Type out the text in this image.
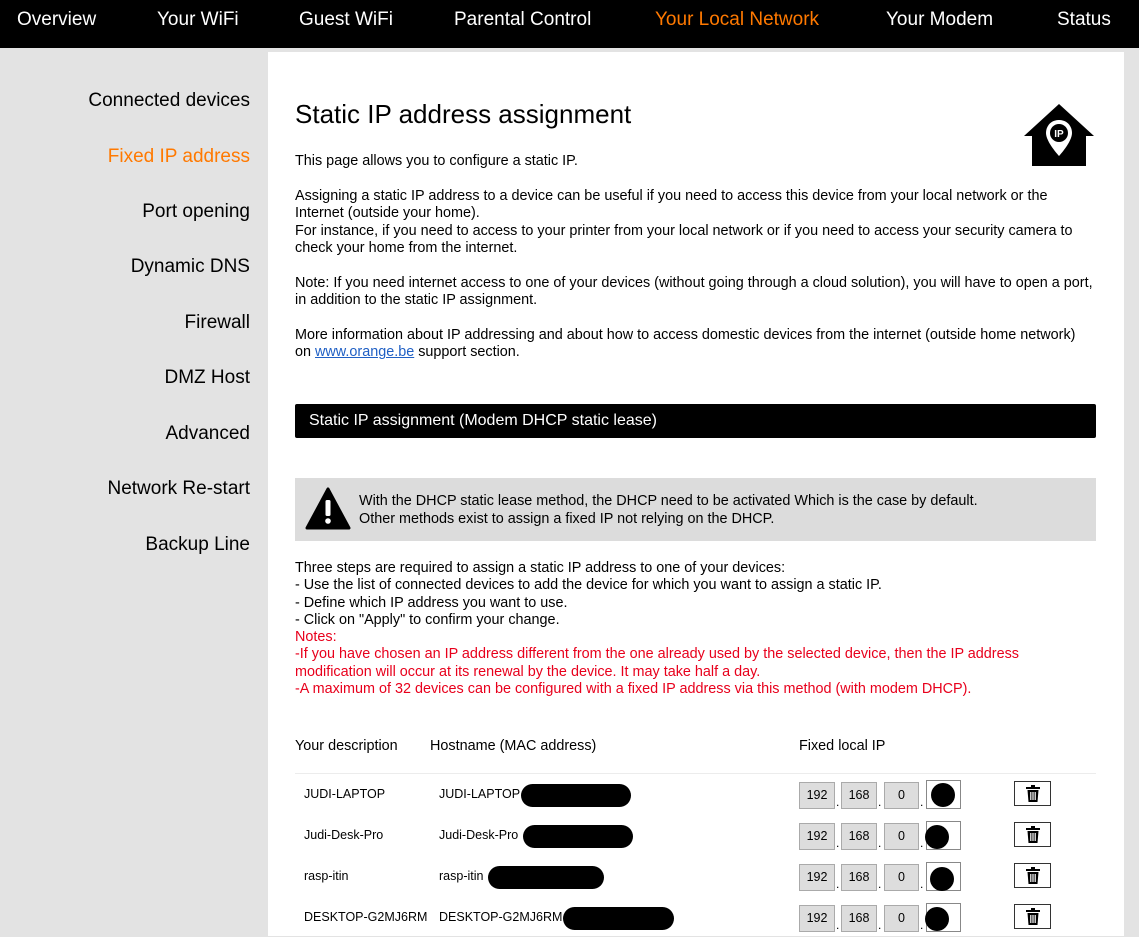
Overview	Your WiFi	Guest WiFi	Parental Control	Your Local Network	Your Modem	Status
Connected devices
Fixed IP address
Port opening
Dynamic DNS
Firewall
DMZ Host
Advanced
Network Re-start
Backup Line
Static IP address assignment
IP
This page allows you to configure a static IP.
Assigning a static IP address to a device can be useful if you need to access this device from your local network or the Internet (outside your home).
For instance, if you need to access to your printer from your local network or if you need to access your security camera to check your home from the internet.
Note: If you need internet access to one of your devices (without going through a cloud solution), you will have to open a port, in addition to the static IP assignment.
More information about IP addressing and about how to access domestic devices from the internet (outside home network) on www.orange.be support section.
Static IP assignment (Modem DHCP static lease)
With the DHCP static lease method, the DHCP need to be activated Which is the case by default.
Other methods exist to assign a fixed IP not relying on the DHCP.
Three steps are required to assign a static IP address to one of your devices:
- Use the list of connected devices to add the device for which you want to assign a static IP.
- Define which IP address you want to use.
- Click on "Apply" to confirm your change.
Notes:
-If you have chosen an IP address different from the one already used by the selected device, then the IP address modification will occur at its renewal by the device. It may take half a day.
-A maximum of 32 devices can be configured with a fixed IP address via this method (with modem DHCP).
Your description Hostname (MAC address)	Fixed local IP
JUDI-LAPTOP	JUDI-LAPTOP	192 . 168 .	0	.
Judi-Desk-Pro	Judi-Desk-Pro	192 . 168 .	0	.
rasp-itin	rasp-itin	192 . 168 .	0	.
DESKTOP-G2MJ6RM DESKTOP-G2MJ6RM	192 . 168 .	0	.
